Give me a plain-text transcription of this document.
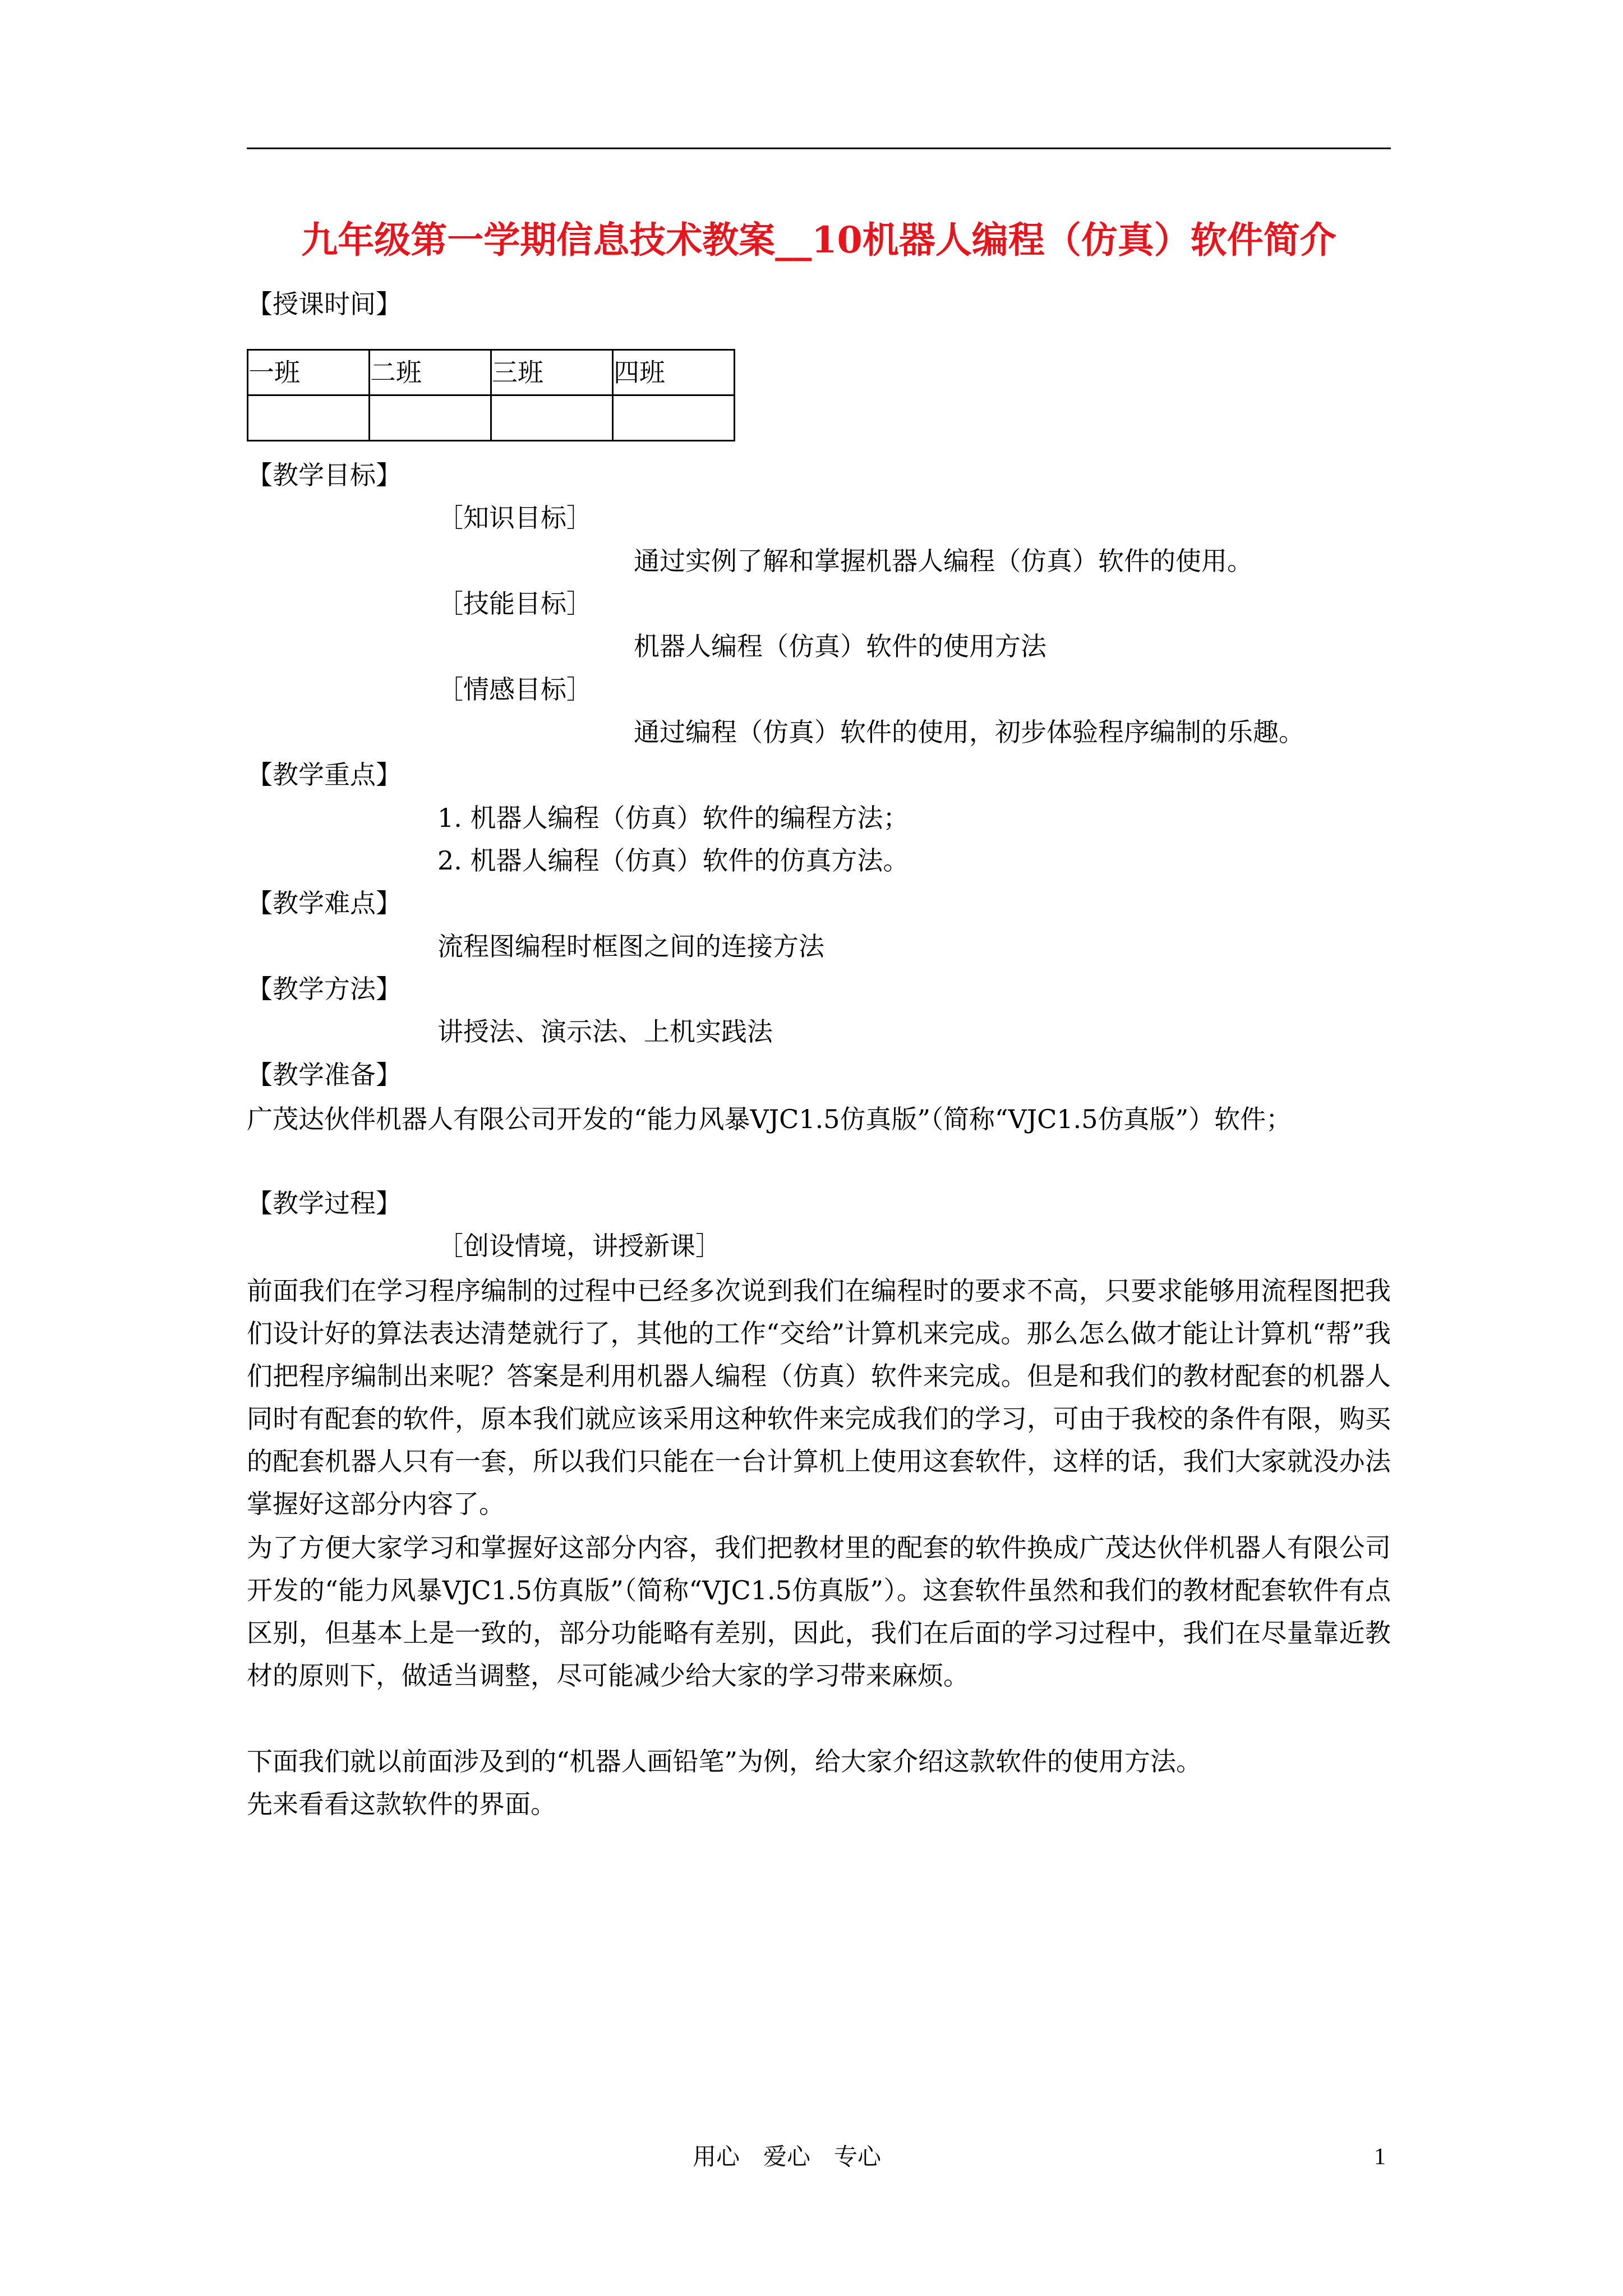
九年级第一学期信息技术教案__10机器人编程（仿真）软件简介
【授课时间】
一班	二班	三班	四班

【教学目标】
［知识目标］
通过实例了解和掌握机器人编程（仿真）软件的使用。
［技能目标］
机器人编程（仿真）软件的使用方法
［情感目标］
通过编程（仿真）软件的使用，初步体验程序编制的乐趣。
【教学重点】
1. 机器人编程（仿真）软件的编程方法；
2. 机器人编程（仿真）软件的仿真方法。
【教学难点】
流程图编程时框图之间的连接方法
【教学方法】
讲授法、演示法、上机实践法
【教学准备】
广茂达伙伴机器人有限公司开发的“能力风暴VJC1.5仿真版”（简称“VJC1.5仿真版”）软件；
【教学过程】
［创设情境，讲授新课］
前面我们在学习程序编制的过程中已经多次说到我们在编程时的要求不高，只要求能够用流程图把我们设计好的算法表达清楚就行了，其他的工作“交给”计算机来完成。那么怎么做才能让计算机“帮”我们把程序编制出来呢？答案是利用机器人编程（仿真）软件来完成。但是和我们的教材配套的机器人同时有配套的软件，原本我们就应该采用这种软件来完成我们的学习，可由于我校的条件有限，购买的配套机器人只有一套，所以我们只能在一台计算机上使用这套软件，这样的话，我们大家就没办法掌握好这部分内容了。
为了方便大家学习和掌握好这部分内容，我们把教材里的配套的软件换成广茂达伙伴机器人有限公司开发的“能力风暴VJC1.5仿真版”（简称“VJC1.5仿真版”）。这套软件虽然和我们的教材配套软件有点区别，但基本上是一致的，部分功能略有差别，因此，我们在后面的学习过程中，我们在尽量靠近教材的原则下，做适当调整，尽可能减少给大家的学习带来麻烦。
下面我们就以前面涉及到的“机器人画铅笔”为例，给大家介绍这款软件的使用方法。
先来看看这款软件的界面。
用心　爱心　专心	1
